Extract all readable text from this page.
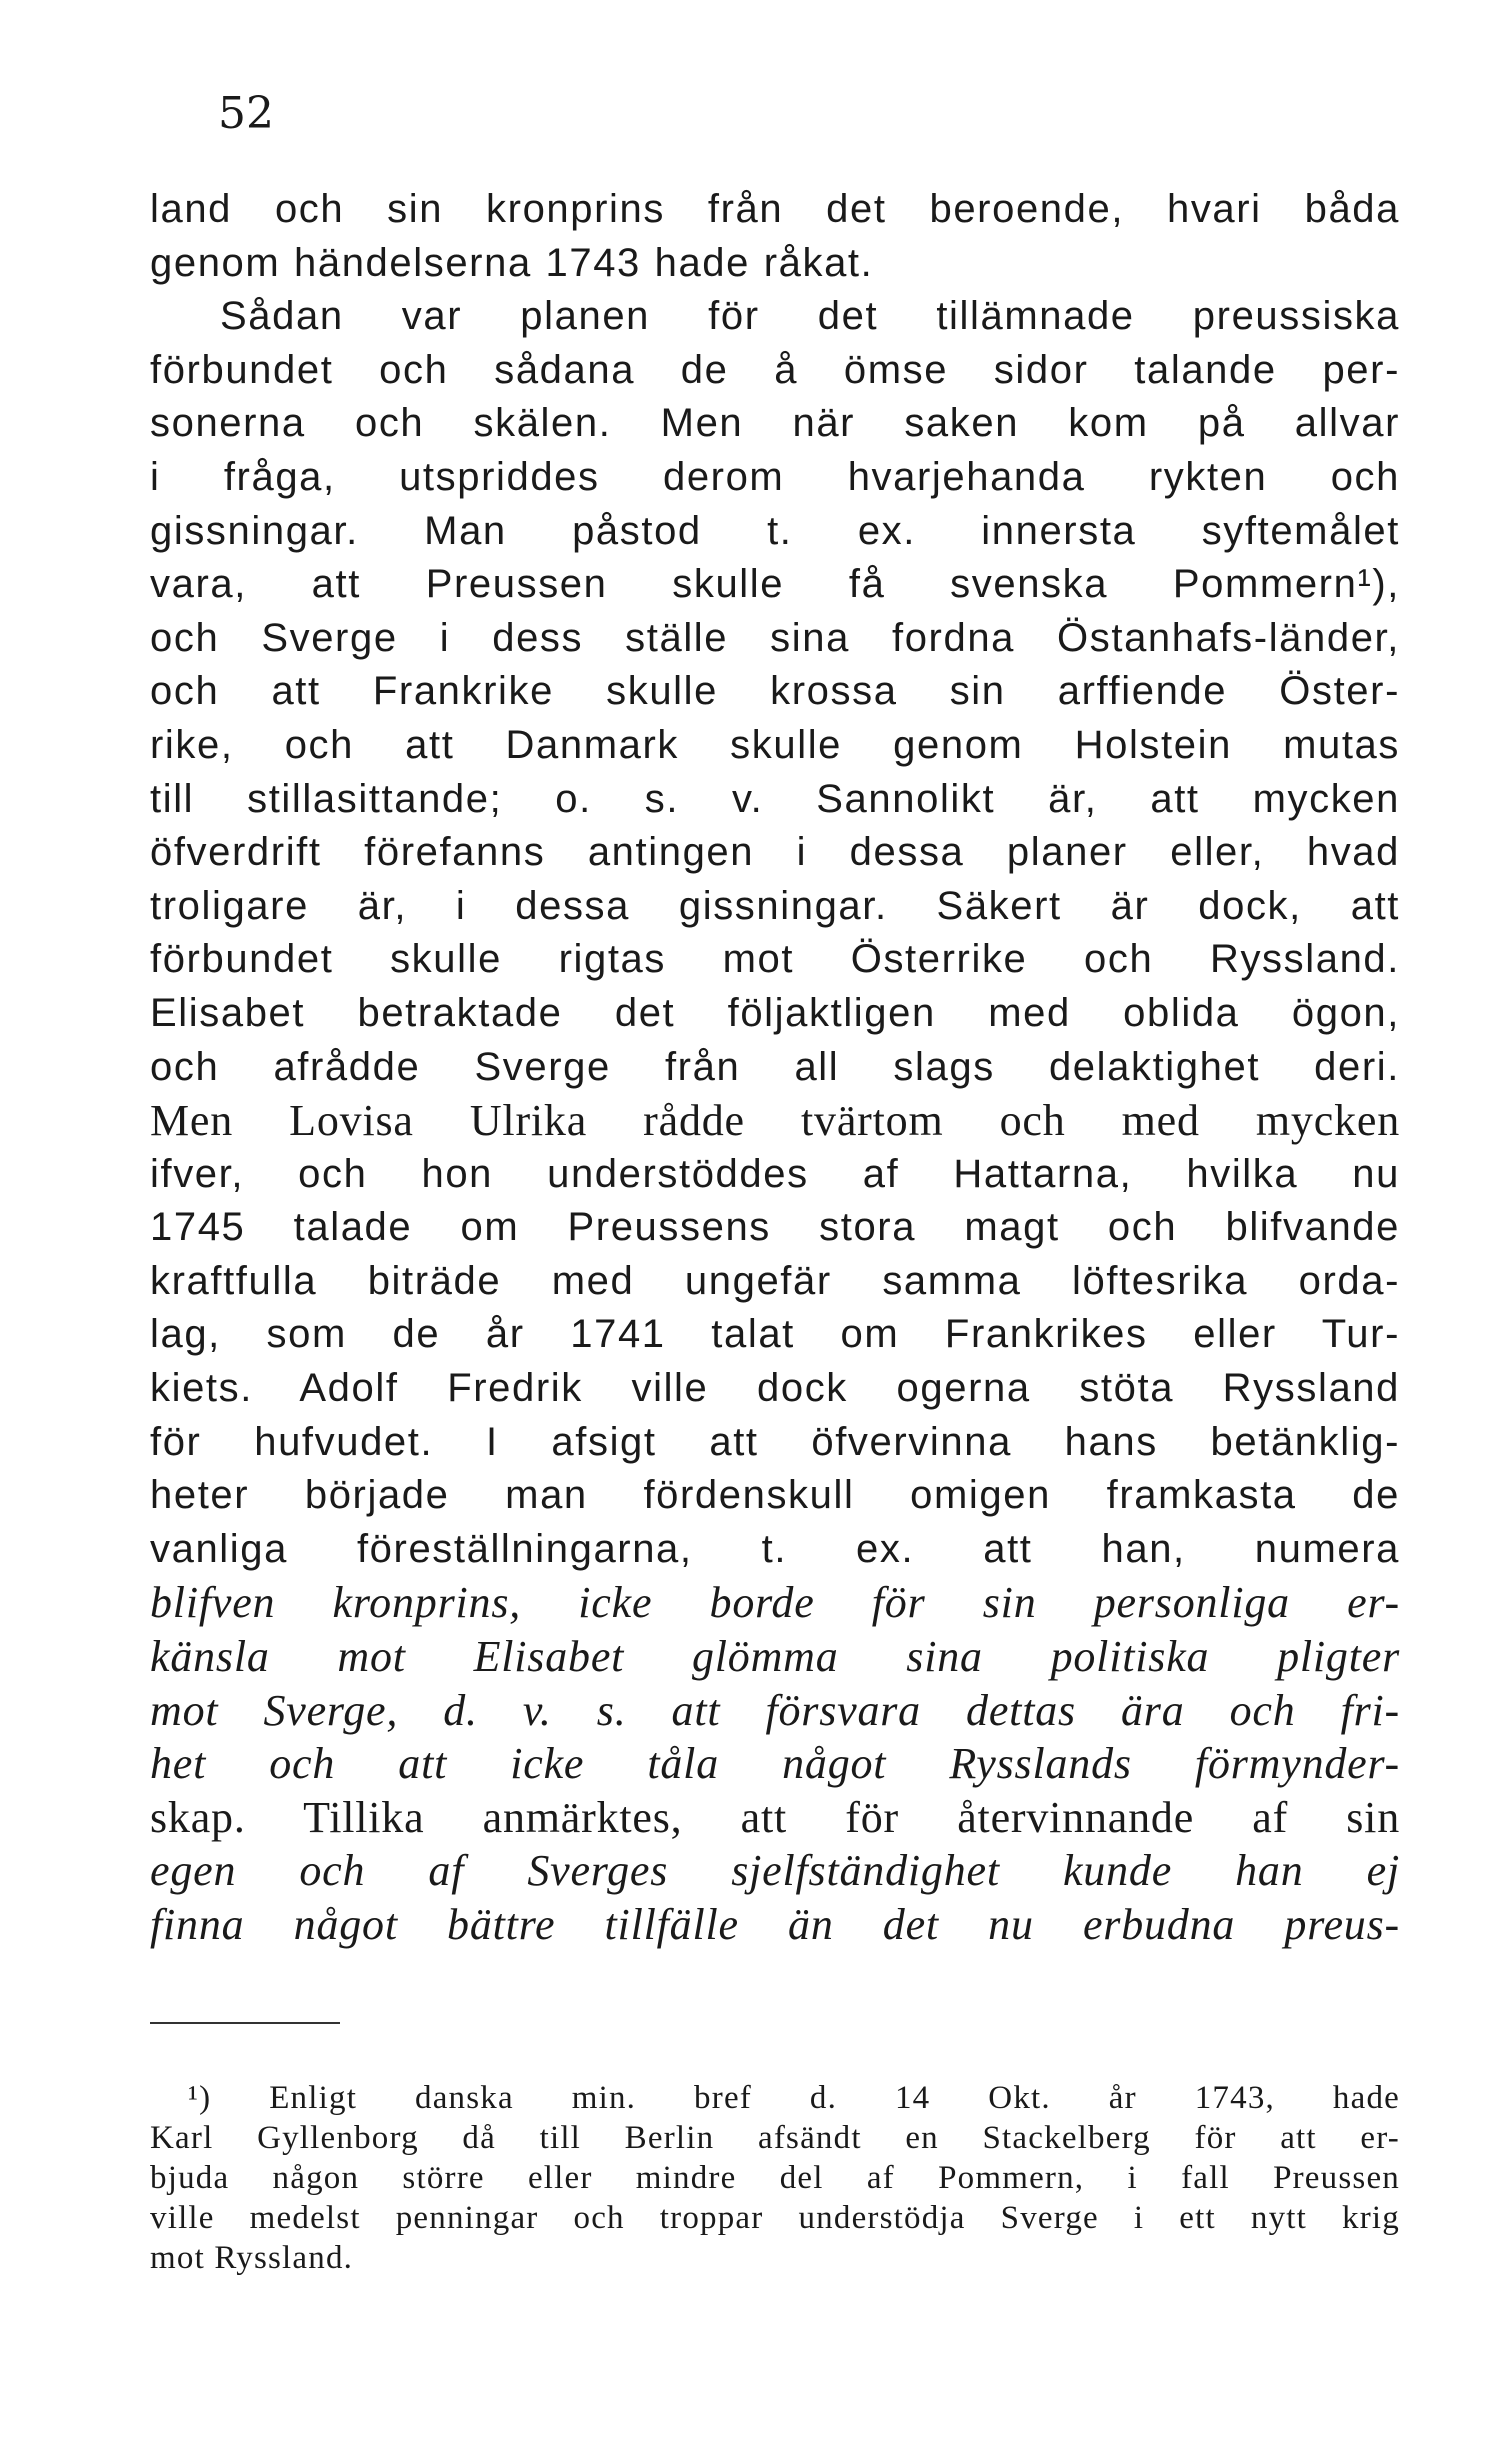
52
land och sin kronprins från det beroende, hvari båda
genom händelserna 1743 hade råkat.
Sådan var planen för det tillämnade preussiska
förbundet och sådana de å ömse sidor talande per-
sonerna och skälen. Men när saken kom på allvar
i fråga, utspriddes derom hvarjehanda rykten och
gissningar. Man påstod t. ex. innersta syftemålet
vara, att Preussen skulle få svenska Pommern¹),
och Sverge i dess ställe sina fordna Östanhafs-länder,
och att Frankrike skulle krossa sin arffiende Öster-
rike, och att Danmark skulle genom Holstein mutas
till stillasittande; o. s. v. Sannolikt är, att mycken
öfverdrift förefanns antingen i dessa planer eller, hvad
troligare är, i dessa gissningar. Säkert är dock, att
förbundet skulle rigtas mot Österrike och Ryssland.
Elisabet betraktade det följaktligen med oblida ögon,
och afrådde Sverge från all slags delaktighet deri.
Men Lovisa Ulrika rådde tvärtom och med mycken
ifver, och hon understöddes af Hattarna, hvilka nu
1745 talade om Preussens stora magt och blifvande
kraftfulla biträde med ungefär samma löftesrika orda-
lag, som de år 1741 talat om Frankrikes eller Tur-
kiets. Adolf Fredrik ville dock ogerna stöta Ryssland
för hufvudet. I afsigt att öfvervinna hans betänklig-
heter började man fördenskull omigen framkasta de
vanliga föreställningarna, t. ex. att han, numera
blifven kronprins, icke borde för sin personliga er-
känsla mot Elisabet glömma sina politiska pligter
mot Sverge, d. v. s. att försvara dettas ära och fri-
het och att icke tåla något Rysslands förmynder-
skap. Tillika anmärktes, att för återvinnande af sin
egen och af Sverges sjelfständighet kunde han ej
finna något bättre tillfälle än det nu erbudna preus-
¹) Enligt danska min. bref d. 14 Okt. år 1743, hade
Karl Gyllenborg då till Berlin afsändt en Stackelberg för att er-
bjuda någon större eller mindre del af Pommern, i fall Preussen
ville medelst penningar och troppar understödja Sverge i ett nytt krig
mot Ryssland.
